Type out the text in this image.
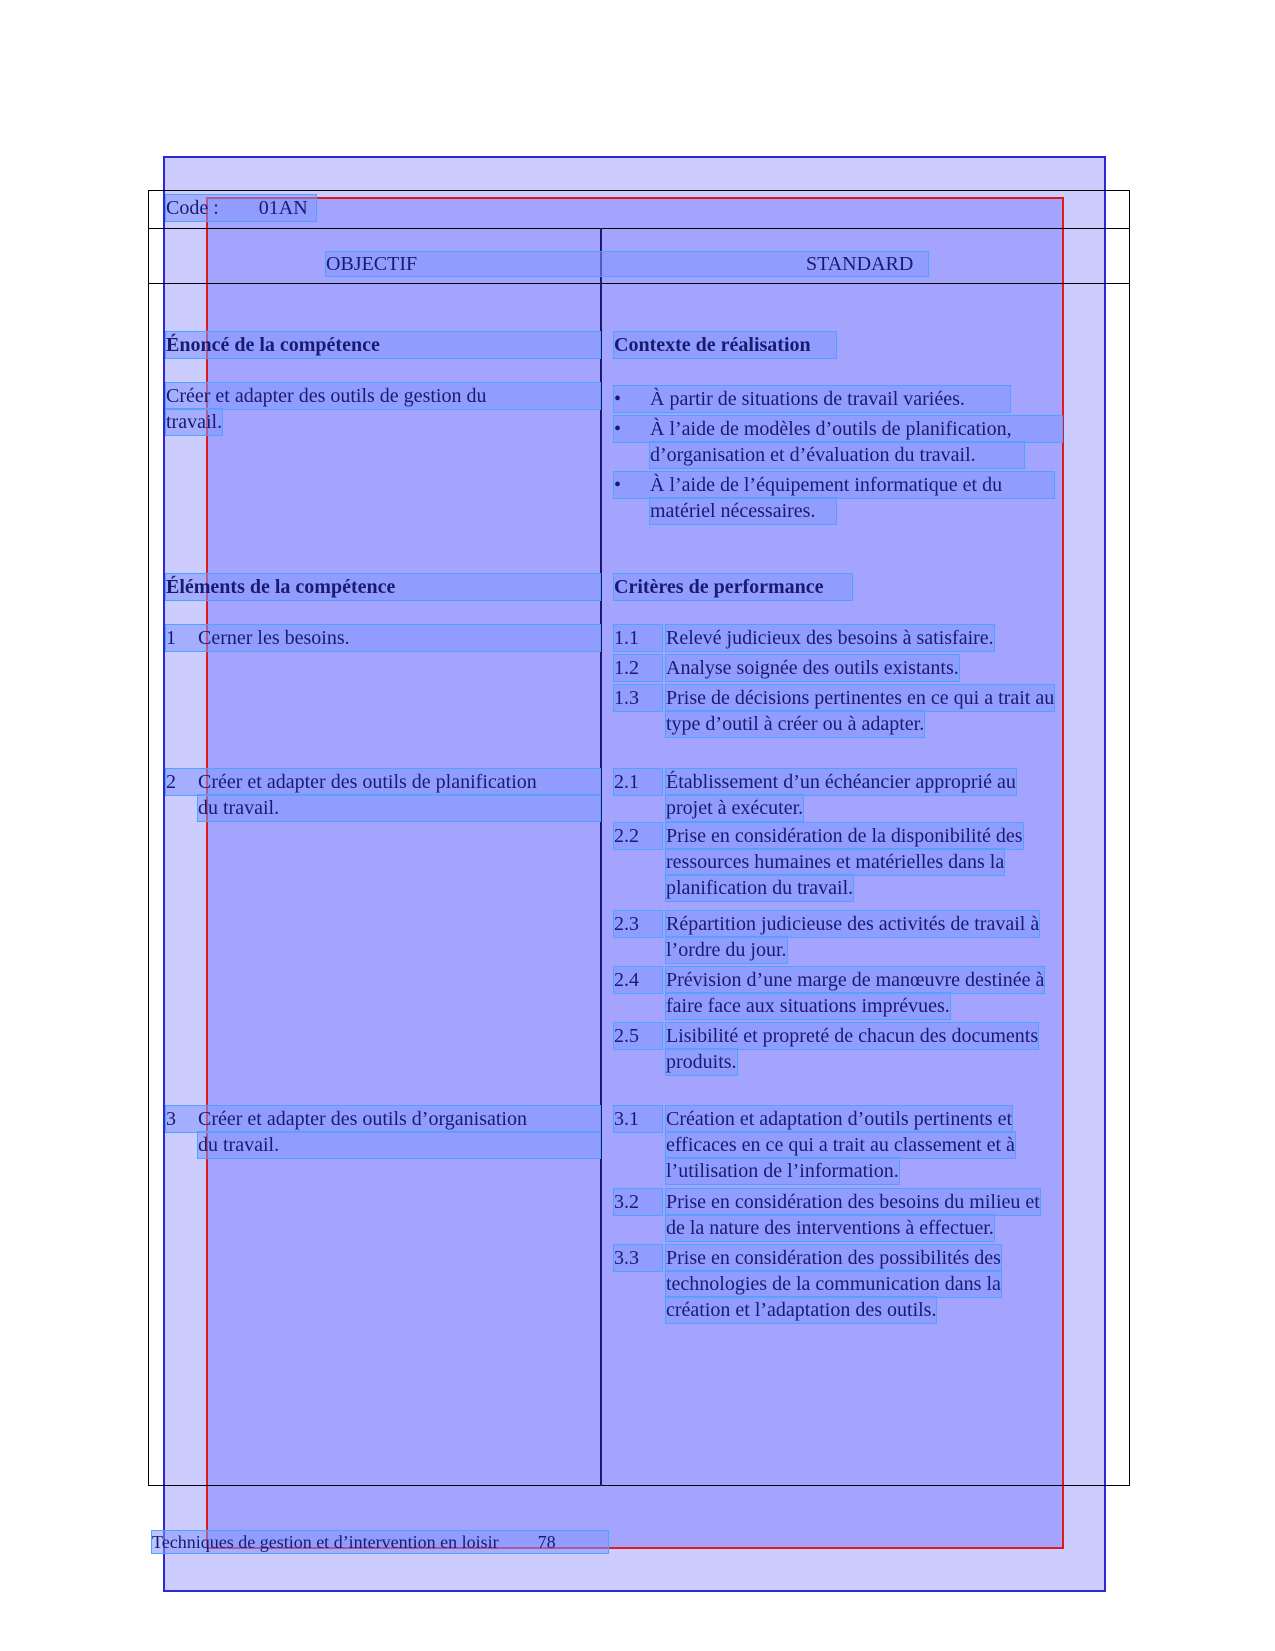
Code : 01AN
OBJECTIF	STANDARD
Énoncé de la compétence
Créer et adapter des outils de gestion du
travail.
Éléments de la compétence
1 Cerner les besoins.
2 Créer et adapter des outils de planification
du travail.
3 Créer et adapter des outils d’organisation
du travail.
Contexte de réalisation
• À partir de situations de travail variées.
• À l’aide de modèles d’outils de planification,
d’organisation et d’évaluation du travail.
• À l’aide de l’équipement informatique et du
matériel nécessaires.
Critères de performance
1.1	Relevé judicieux des besoins à satisfaire.
1.2	Analyse soignée des outils existants.
1.3	Prise de décisions pertinentes en ce qui a trait au
type d’outil à créer ou à adapter.
2.1	Établissement d’un échéancier approprié au
projet à exécuter.
2.2	Prise en considération de la disponibilité des
ressources humaines et matérielles dans la
planification du travail.
2.3	Répartition judicieuse des activités de travail à
l’ordre du jour.
2.4	Prévision d’une marge de manœuvre destinée à
faire face aux situations imprévues.
2.5	Lisibilité et propreté de chacun des documents
produits.
3.1	Création et adaptation d’outils pertinents et
efficaces en ce qui a trait au classement et à
l’utilisation de l’information.
3.2	Prise en considération des besoins du milieu et
de la nature des interventions à effectuer.
3.3	Prise en considération des possibilités des
technologies de la communication dans la
création et l’adaptation des outils.
Techniques de gestion et d’intervention en loisir 78
